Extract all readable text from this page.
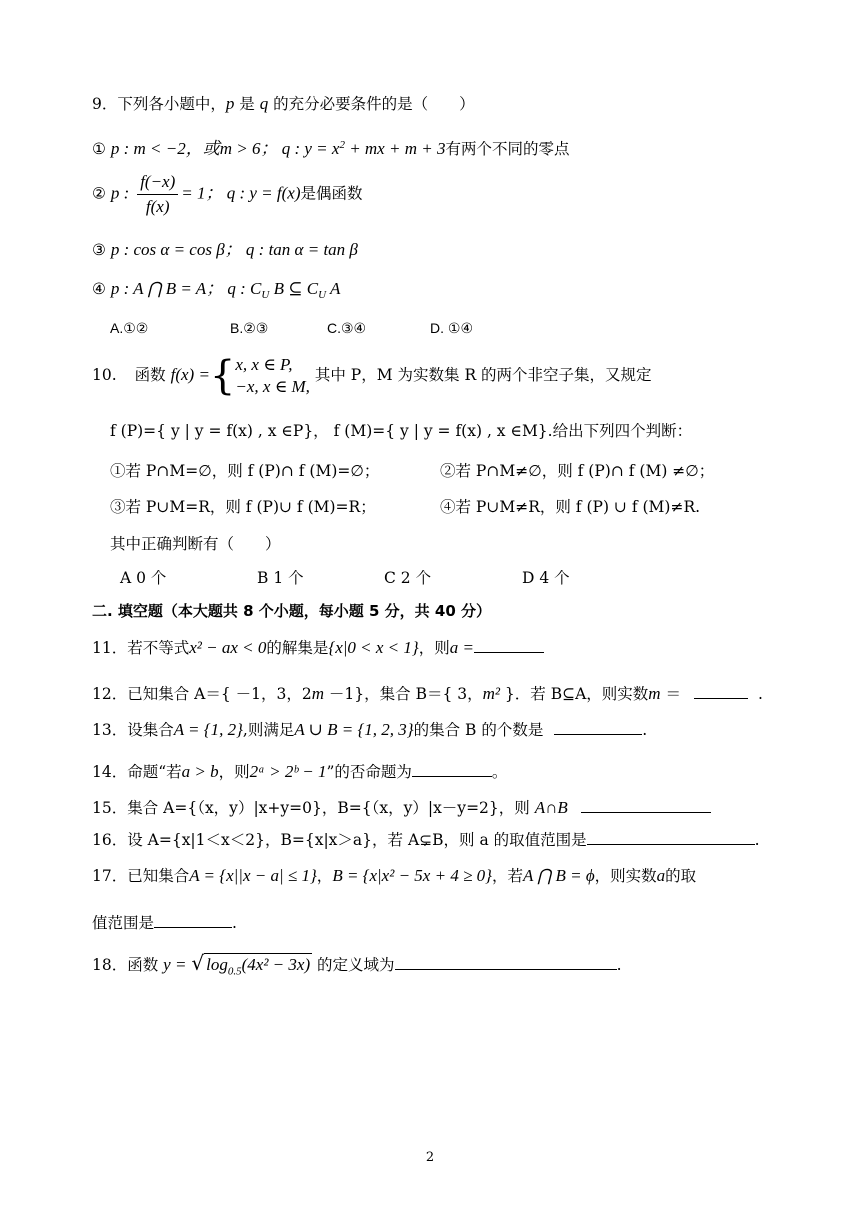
9．下列各小题中，p 是 q 的充分必要条件的是（　　）
① p : m < −2，或m > 6； q : $y = x^2$ + mx + m + 3有两个不同的零点
② p : $\frac{f(-x)}{f(x)} = 1$； q : y = f(x)是偶函数
③ p : cos α = cos β； q : tan α = tan β
④ p : A ⋂ B = A； q : $C_U$ B ⊆ $C_U$ A
A.①②	B.②③	C.③④	D. ①④
10. 函数 f(x) ={ x, x ∈ P,
−x, x ∈ M,
其中 P，M 为实数集 R 的两个非空子集，又规定
f (P)={ y | y = f(x) , x ∈P}， f (M)={ y | y = f(x) , x ∈M}.给出下列四个判断：
①若 P∩M=∅，则 f (P)∩ f (M)=∅；	②若 P∩M≠∅，则 f (P)∩ f (M) ≠∅；
③若 P∪M=R，则 f (P)∪ f (M)=R；	④若 P∪M≠R，则 f (P) ∪ f (M)≠R.
其中正确判断有（　　）
A 0 个	B 1 个	C 2 个	D 4 个
二. 填空题（本大题共 8 个小题，每小题 5 分，共 40 分）
11．若不等式x² − ax < 0的解集是{x|0 < x < 1}，则a =
12．已知集合 A＝{ －1，3，2m －1}，集合 B＝{ 3，m² }．若 B⊆A，则实数m ＝	.
13．设集合A = {1, 2},则满足A ∪ B = {1, 2, 3}的集合 B 的个数是	.
14．命题“若a > b，则2ᵃ > 2ᵇ − 1”的否命题为	。
15．集合 A={（x，y）|x+y=0}，B={（x，y）|x－y=2}，则 A∩B
16．设 A={x|1＜x＜2}，B={x|x＞a}，若 A⊊B，则 a 的取值范围是	.
17．已知集合A = {x||x − a| ≤ 1}，B = {x|x² − 5x + 4 ≥ 0}，若A ⋂ B = ϕ，则实数a的取
值范围是	.
18．函数 y = √ $\log_{0.5}(4x^2 - 3x)$ 的定义域为	.
2
